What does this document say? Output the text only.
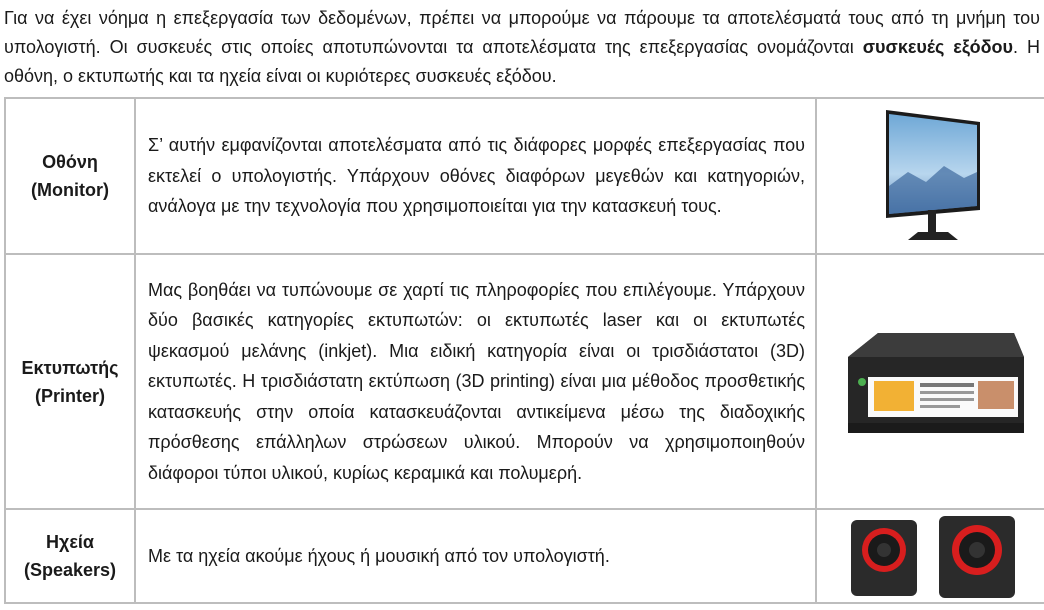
Για να έχει νόημα η επεξεργασία των δεδομένων, πρέπει να μπορούμε να πάρουμε τα αποτελέσματά τους από τη μνήμη του υπολογιστή. Οι συσκευές στις οποίες αποτυπώνονται τα αποτελέσματα της επεξεργασίας ονομάζονται συσκευές εξόδου. Η οθόνη, ο εκτυπωτής και τα ηχεία είναι οι κυριότερες συσκευές εξόδου.

Οθόνη
(Monitor)	Σ’ αυτήν εμφανίζονται αποτελέσματα από τις διάφορες μορφές επεξεργασίας που εκτελεί ο υπολογιστής. Υπάρχουν οθόνες διαφόρων μεγεθών και κατηγοριών, ανάλογα με την τεχνολογία που χρησιμοποιείται για την κατασκευή τους.	

Εκτυπωτής
(Printer)	Μας βοηθάει να τυπώνουμε σε χαρτί τις πληροφορίες που επιλέγουμε. Υπάρχουν δύο βασικές κατηγορίες εκτυπωτών: οι εκτυπωτές laser και οι εκτυπωτές ψεκασμού μελάνης (inkjet). Μια ειδική κατηγορία είναι οι τρισδιάστατοι (3D) εκτυπωτές. Η τρισδιάστατη εκτύπωση (3D printing) είναι μια μέθοδος προσθετικής κατασκευής στην οποία κατασκευάζονται αντικείμενα μέσω της διαδοχικής πρόσθεσης επάλληλων στρώσεων υλικού. Μπορούν να χρησιμοποιηθούν διάφοροι τύποι υλικού, κυρίως κεραμικά και πολυμερή.	

Ηχεία
(Speakers)	Με τα ηχεία ακούμε ήχους ή μουσική από τον υπολογιστή.	
